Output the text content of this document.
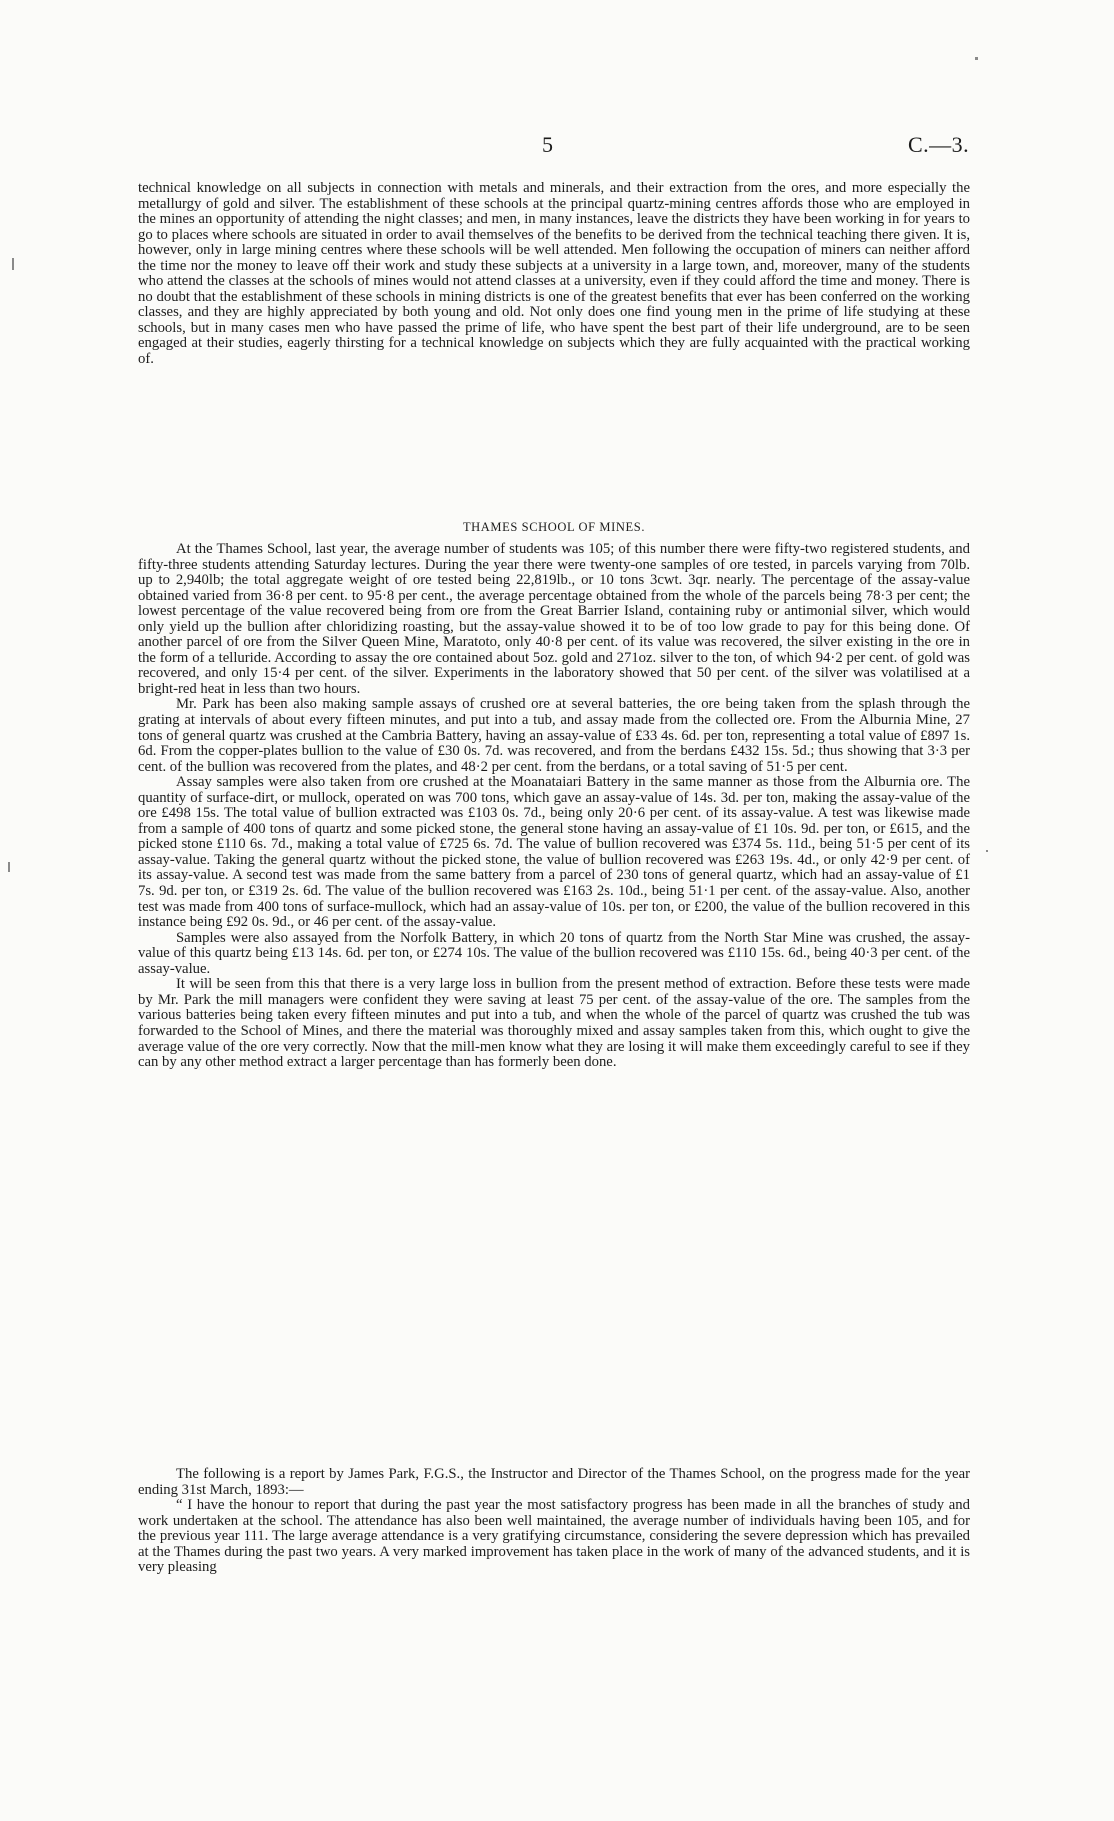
5	C.—3.

technical knowledge on all subjects in connection with metals and minerals, and their extraction from the ores, and more especially the metallurgy of gold and silver. The establishment of these schools at the principal quartz-mining centres affords those who are employed in the mines an opportunity of attending the night classes; and men, in many instances, leave the districts they have been working in for years to go to places where schools are situated in order to avail themselves of the benefits to be derived from the technical teaching there given. It is, however, only in large mining centres where these schools will be well attended. Men following the occupation of miners can neither afford the time nor the money to leave off their work and study these subjects at a university in a large town, and, moreover, many of the students who attend the classes at the schools of mines would not attend classes at a university, even if they could afford the time and money. There is no doubt that the establishment of these schools in mining districts is one of the greatest benefits that ever has been conferred on the working classes, and they are highly appreciated by both young and old. Not only does one find young men in the prime of life studying at these schools, but in many cases men who have passed the prime of life, who have spent the best part of their life underground, are to be seen engaged at their studies, eagerly thirsting for a technical knowledge on subjects which they are fully acquainted with the practical working of.

THAMES SCHOOL OF MINES.

At the Thames School, last year, the average number of students was 105; of this number there were fifty-two registered students, and fifty-three students attending Saturday lectures. During the year there were twenty-one samples of ore tested, in parcels varying from 70lb. up to 2,940lb; the total aggregate weight of ore tested being 22,819lb., or 10 tons 3cwt. 3qr. nearly. The percentage of the assay-value obtained varied from 36·8 per cent. to 95·8 per cent., the average percentage obtained from the whole of the parcels being 78·3 per cent; the lowest percentage of the value recovered being from ore from the Great Barrier Island, containing ruby or antimonial silver, which would only yield up the bullion after chloridizing roasting, but the assay-value showed it to be of too low grade to pay for this being done. Of another parcel of ore from the Silver Queen Mine, Maratoto, only 40·8 per cent. of its value was recovered, the silver existing in the ore in the form of a telluride. According to assay the ore contained about 5oz. gold and 271oz. silver to the ton, of which 94·2 per cent. of gold was recovered, and only 15·4 per cent. of the silver. Experiments in the laboratory showed that 50 per cent. of the silver was volatilised at a bright-red heat in less than two hours.

Mr. Park has been also making sample assays of crushed ore at several batteries, the ore being taken from the splash through the grating at intervals of about every fifteen minutes, and put into a tub, and assay made from the collected ore. From the Alburnia Mine, 27 tons of general quartz was crushed at the Cambria Battery, having an assay-value of £33 4s. 6d. per ton, representing a total value of £897 1s. 6d. From the copper-plates bullion to the value of £30 0s. 7d. was recovered, and from the berdans £432 15s. 5d.; thus showing that 3·3 per cent. of the bullion was recovered from the plates, and 48·2 per cent. from the berdans, or a total saving of 51·5 per cent.

Assay samples were also taken from ore crushed at the Moanataiari Battery in the same manner as those from the Alburnia ore. The quantity of surface-dirt, or mullock, operated on was 700 tons, which gave an assay-value of 14s. 3d. per ton, making the assay-value of the ore £498 15s. The total value of bullion extracted was £103 0s. 7d., being only 20·6 per cent. of its assay-value. A test was likewise made from a sample of 400 tons of quartz and some picked stone, the general stone having an assay-value of £1 10s. 9d. per ton, or £615, and the picked stone £110 6s. 7d., making a total value of £725 6s. 7d. The value of bullion recovered was £374 5s. 11d., being 51·5 per cent of its assay-value. Taking the general quartz without the picked stone, the value of bullion recovered was £263 19s. 4d., or only 42·9 per cent. of its assay-value. A second test was made from the same battery from a parcel of 230 tons of general quartz, which had an assay-value of £1 7s. 9d. per ton, or £319 2s. 6d. The value of the bullion recovered was £163 2s. 10d., being 51·1 per cent. of the assay-value. Also, another test was made from 400 tons of surface-mullock, which had an assay-value of 10s. per ton, or £200, the value of the bullion recovered in this instance being £92 0s. 9d., or 46 per cent. of the assay-value.

Samples were also assayed from the Norfolk Battery, in which 20 tons of quartz from the North Star Mine was crushed, the assay-value of this quartz being £13 14s. 6d. per ton, or £274 10s. The value of the bullion recovered was £110 15s. 6d., being 40·3 per cent. of the assay-value.

It will be seen from this that there is a very large loss in bullion from the present method of extraction. Before these tests were made by Mr. Park the mill managers were confident they were saving at least 75 per cent. of the assay-value of the ore. The samples from the various batteries being taken every fifteen minutes and put into a tub, and when the whole of the parcel of quartz was crushed the tub was forwarded to the School of Mines, and there the material was thoroughly mixed and assay samples taken from this, which ought to give the average value of the ore very correctly. Now that the mill-men know what they are losing it will make them exceedingly careful to see if they can by any other method extract a larger percentage than has formerly been done.

The following is a report by James Park, F.G.S., the Instructor and Director of the Thames School, on the progress made for the year ending 31st March, 1893:—

“ I have the honour to report that during the past year the most satisfactory progress has been made in all the branches of study and work undertaken at the school. The attendance has also been well maintained, the average number of individuals having been 105, and for the previous year 111. The large average attendance is a very gratifying circumstance, considering the severe depression which has prevailed at the Thames during the past two years. A very marked improvement has taken place in the work of many of the advanced students, and it is very pleasing
